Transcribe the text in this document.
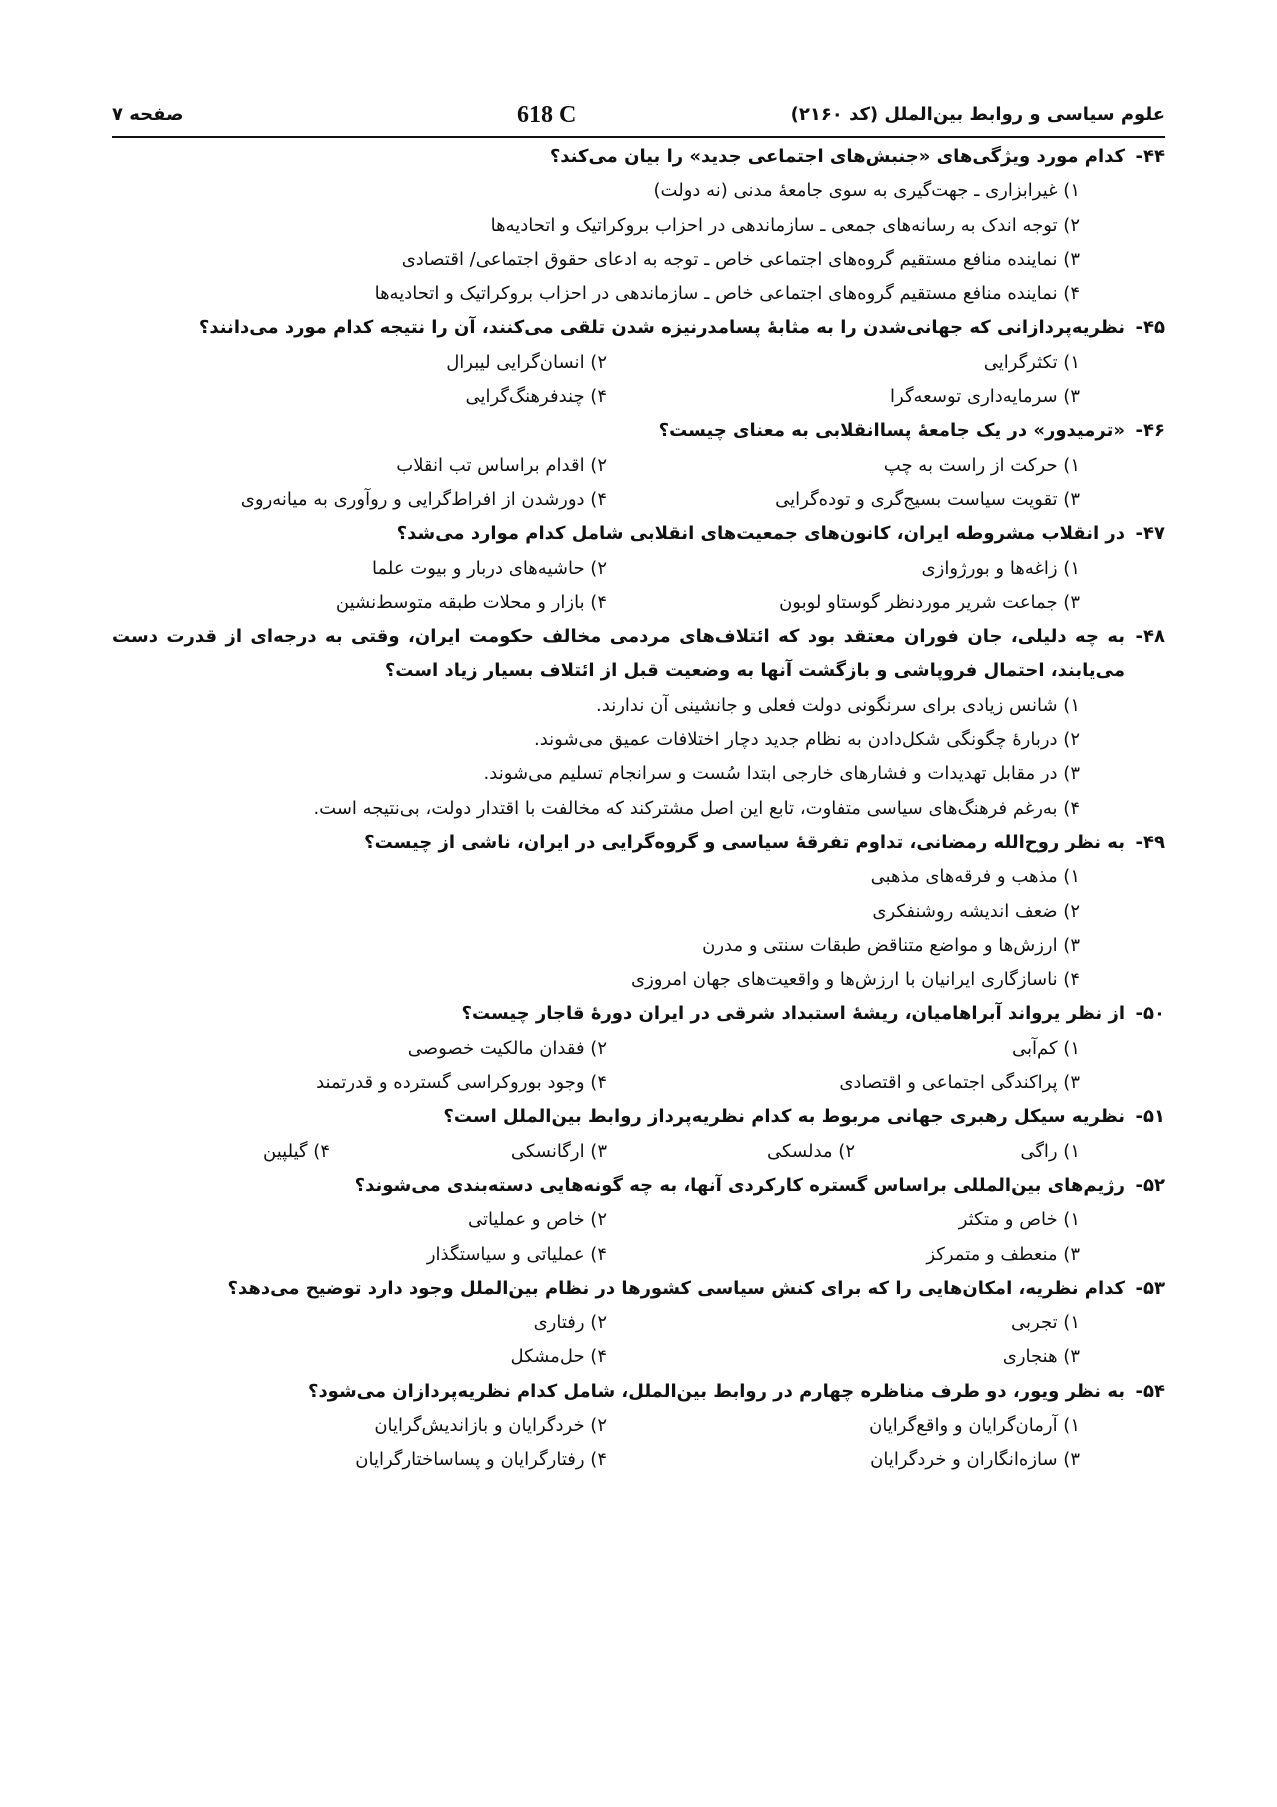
علوم سیاسی و روابط بین‌الملل (کد ۲۱۶۰)
618 C
صفحه ۷
۴۴-
کدام مورد ویژگی‌های «جنبش‌های اجتماعی جدید» را بیان می‌کند؟
۱) غیرابزاری ـ جهت‌گیری به سوی جامعهٔ مدنی (نه دولت)
۲) توجه اندک به رسانه‌های جمعی ـ سازماندهی در احزاب بروکراتیک و اتحادیه‌ها
۳) نماینده منافع مستقیم گروه‌های اجتماعی خاص ـ توجه به ادعای حقوق اجتماعی/ اقتصادی
۴) نماینده منافع مستقیم گروه‌های اجتماعی خاص ـ سازماندهی در احزاب بروکراتیک و اتحادیه‌ها
۴۵-
نظریه‌پردازانی که جهانی‌شدن را به مثابهٔ پسامدرنیزه شدن تلقی می‌کنند، آن را نتیجه کدام مورد می‌دانند؟
۱) تکثرگرایی
۲) انسان‌گرایی لیبرال
۳) سرمایه‌داری توسعه‌گرا
۴) چندفرهنگ‌گرایی
۴۶-
«ترمیدور» در یک جامعهٔ پساانقلابی به معنای چیست؟
۱) حرکت از راست به چپ
۲) اقدام براساس تب انقلاب
۳) تقویت سیاست بسیج‌گری و توده‌گرایی
۴) دورشدن از افراط‌گرایی و روآوری به میانه‌روی
۴۷-
در انقلاب مشروطه ایران، کانون‌های جمعیت‌های انقلابی شامل کدام موارد می‌شد؟
۱) زاغه‌ها و بورژوازی
۲) حاشیه‌های دربار و بیوت علما
۳) جماعت شریر موردنظر گوستاو لوبون
۴) بازار و محلات طبقه متوسط‌نشین
۴۸-
به چه دلیلی، جان فوران معتقد بود که ائتلاف‌های مردمی مخالف حکومت ایران، وقتی به درجه‌ای از قدرت دست می‌یابند، احتمال فروپاشی و بازگشت آنها به وضعیت قبل از ائتلاف بسیار زیاد است؟
۱) شانس زیادی برای سرنگونی دولت فعلی و جانشینی آن ندارند.
۲) دربارهٔ چگونگی شکل‌دادن به نظام جدید دچار اختلافات عمیق می‌شوند.
۳) در مقابل تهدیدات و فشارهای خارجی ابتدا سُست و سرانجام تسلیم می‌شوند.
۴) به‌رغم فرهنگ‌های سیاسی متفاوت، تابع این اصل مشترکند که مخالفت با اقتدار دولت، بی‌نتیجه است.
۴۹-
به نظر روح‌الله رمضانی، تداوم تفرقهٔ سیاسی و گروه‌گرایی در ایران، ناشی از چیست؟
۱) مذهب و فرقه‌های مذهبی
۲) ضعف اندیشه روشنفکری
۳) ارزش‌ها و مواضع متناقض طبقات سنتی و مدرن
۴) ناسازگاری ایرانیان با ارزش‌ها و واقعیت‌های جهان امروزی
۵۰-
از نظر یرواند آبراهامیان، ریشهٔ استبداد شرقی در ایران دورهٔ قاجار چیست؟
۱) کم‌آبی
۲) فقدان مالکیت خصوصی
۳) پراکندگی اجتماعی و اقتصادی
۴) وجود بوروکراسی گسترده و قدرتمند
۵۱-
نظریه سیکل رهبری جهانی مربوط به کدام نظریه‌پرداز روابط بین‌الملل است؟
۱) راگی
۲) مدلسکی
۳) ارگانسکی
۴) گیلپین
۵۲-
رژیم‌های بین‌المللی براساس گستره کارکردی آنها، به چه گونه‌هایی دسته‌بندی می‌شوند؟
۱) خاص و متکثر
۲) خاص و عملیاتی
۳) منعطف و متمرکز
۴) عملیاتی و سیاستگذار
۵۳-
کدام نظریه، امکان‌هایی را که برای کنش سیاسی کشورها در نظام بین‌الملل وجود دارد توضیح می‌دهد؟
۱) تجربی
۲) رفتاری
۳) هنجاری
۴) حل‌مشکل
۵۴-
به نظر ویور، دو طرف مناظره چهارم در روابط بین‌الملل، شامل کدام نظریه‌پردازان می‌شود؟
۱) آرمان‌گرایان و واقع‌گرایان
۲) خردگرایان و بازاندیش‌گرایان
۳) سازه‌انگاران و خردگرایان
۴) رفتارگرایان و پساساختارگرایان
